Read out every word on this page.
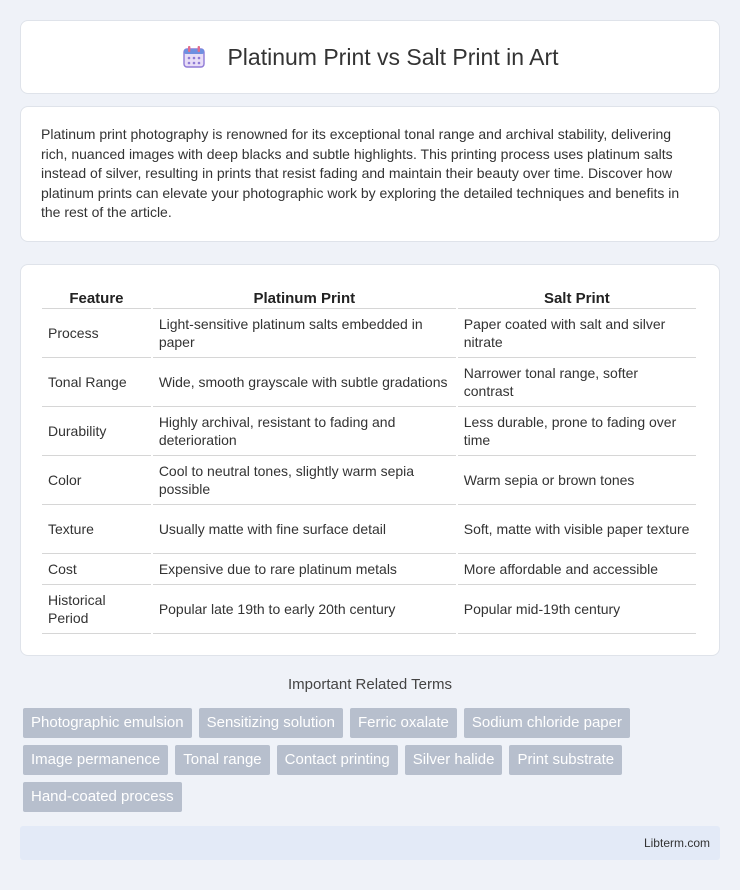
Platinum Print vs Salt Print in Art

Platinum print photography is renowned for its exceptional tonal range and archival stability, delivering rich, nuanced images with deep blacks and subtle highlights. This printing process uses platinum salts instead of silver, resulting in prints that resist fading and maintain their beauty over time. Discover how platinum prints can elevate your photographic work by exploring the detailed techniques and benefits in the rest of the article.

Feature	Platinum Print	Salt Print
Process	Light-sensitive platinum salts embedded in paper	Paper coated with salt and silver nitrate
Tonal Range	Wide, smooth grayscale with subtle gradations	Narrower tonal range, softer contrast
Durability	Highly archival, resistant to fading and deterioration	Less durable, prone to fading over time
Color	Cool to neutral tones, slightly warm sepia possible	Warm sepia or brown tones
Texture	Usually matte with fine surface detail	Soft, matte with visible paper texture
Cost	Expensive due to rare platinum metals	More affordable and accessible
Historical Period	Popular late 19th to early 20th century	Popular mid-19th century
Important Related Terms
Photographic emulsion	Sensitizing solution	Ferric oxalate	Sodium chloride paper
Image permanence	Tonal range	Contact printing	Silver halide	Print substrate
Hand-coated process
Libterm.com
